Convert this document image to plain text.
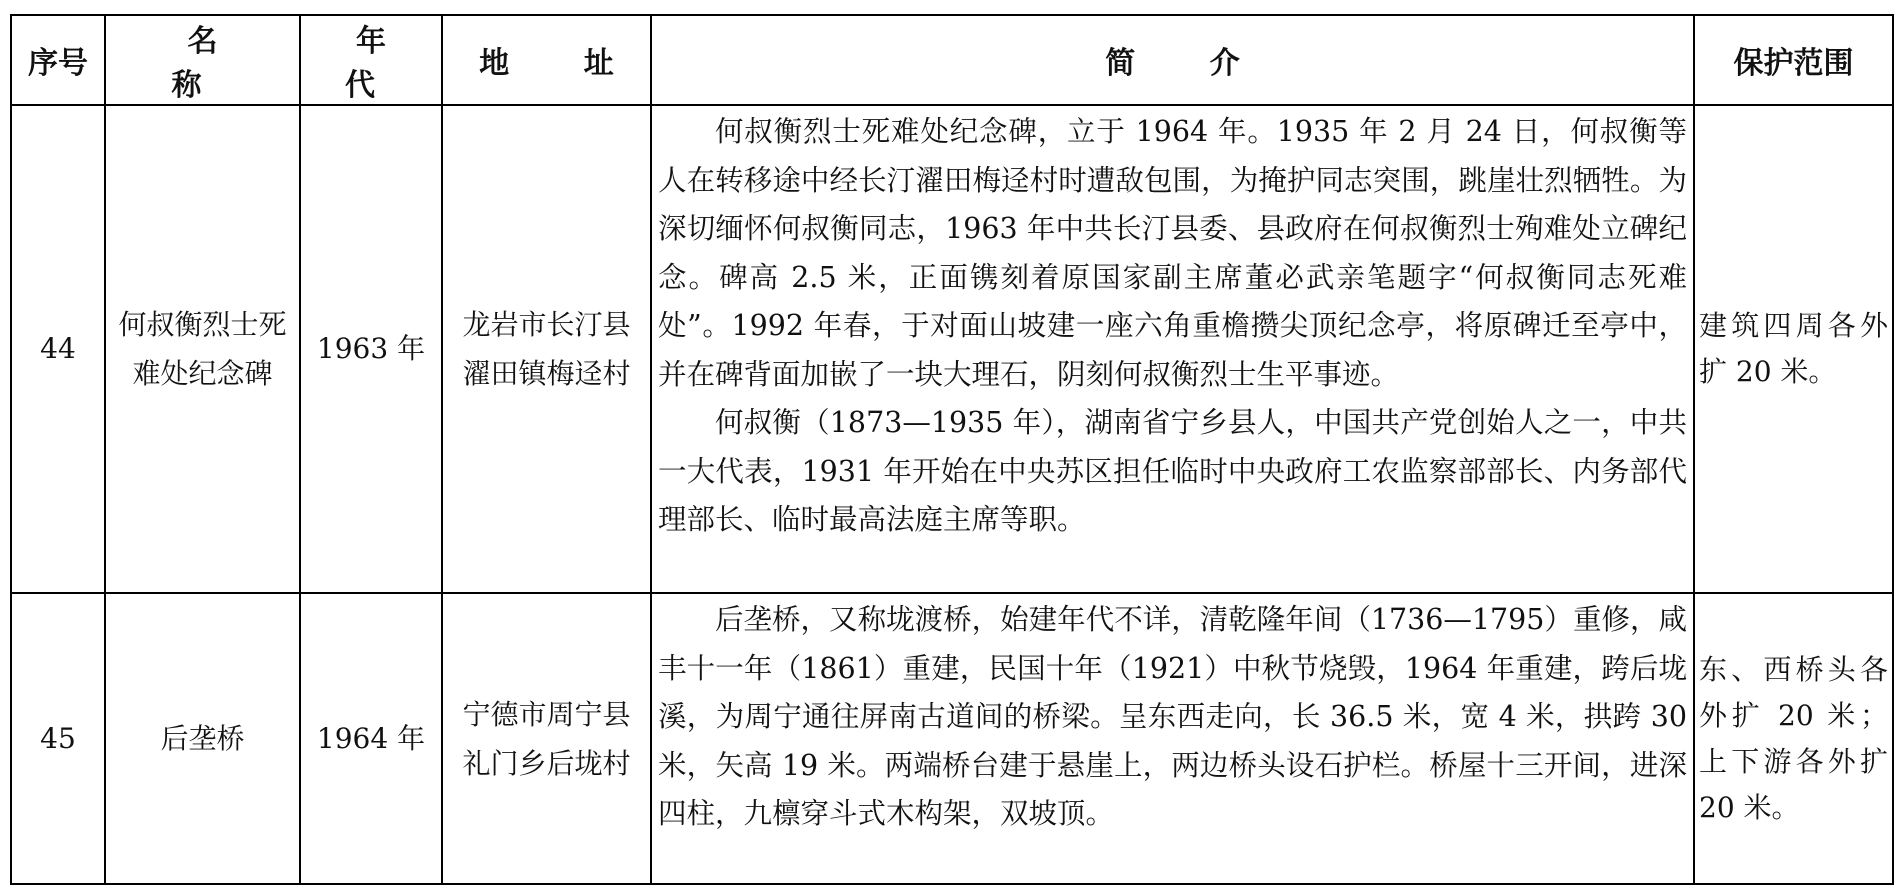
序号	名 称	年 代	地 址	简 介	保护范围
44	何叔衡烈士死难处纪念碑	1963 年	龙岩市长汀县濯田镇梅迳村	何叔衡烈士死难处纪念碑，立于 1964 年。1935 年 2 月 24 日，何叔衡等人在转移途中经长汀濯田梅迳村时遭敌包围，为掩护同志突围，跳崖壮烈牺牲。为深切缅怀何叔衡同志，1963 年中共长汀县委、县政府在何叔衡烈士殉难处立碑纪念。碑高 2.5 米，正面镌刻着原国家副主席董必武亲笔题字“何叔衡同志死难处”。1992 年春，于对面山坡建一座六角重檐攒尖顶纪念亭，将原碑迁至亭中，并在碑背面加嵌了一块大理石，阴刻何叔衡烈士生平事迹。

何叔衡（1873—1935 年），湖南省宁乡县人，中国共产党创始人之一，中共一大代表，1931 年开始在中央苏区担任临时中央政府工农监察部部长、内务部代理部长、临时最高法庭主席等职。	建筑四周各外扩 20 米。
45	后垄桥	1964 年	宁德市周宁县礼门乡后垅村	后垄桥，又称垅渡桥，始建年代不详，清乾隆年间（1736—1795）重修，咸丰十一年（1861）重建，民国十年（1921）中秋节烧毁，1964 年重建，跨后垅溪，为周宁通往屏南古道间的桥梁。呈东西走向，长 36.5 米，宽 4 米，拱跨 30 米，矢高 19 米。两端桥台建于悬崖上，两边桥头设石护栏。桥屋十三开间，进深四柱，九檩穿斗式木构架，双坡顶。	东、西桥头各外扩 20 米；上下游各外扩 20 米。
